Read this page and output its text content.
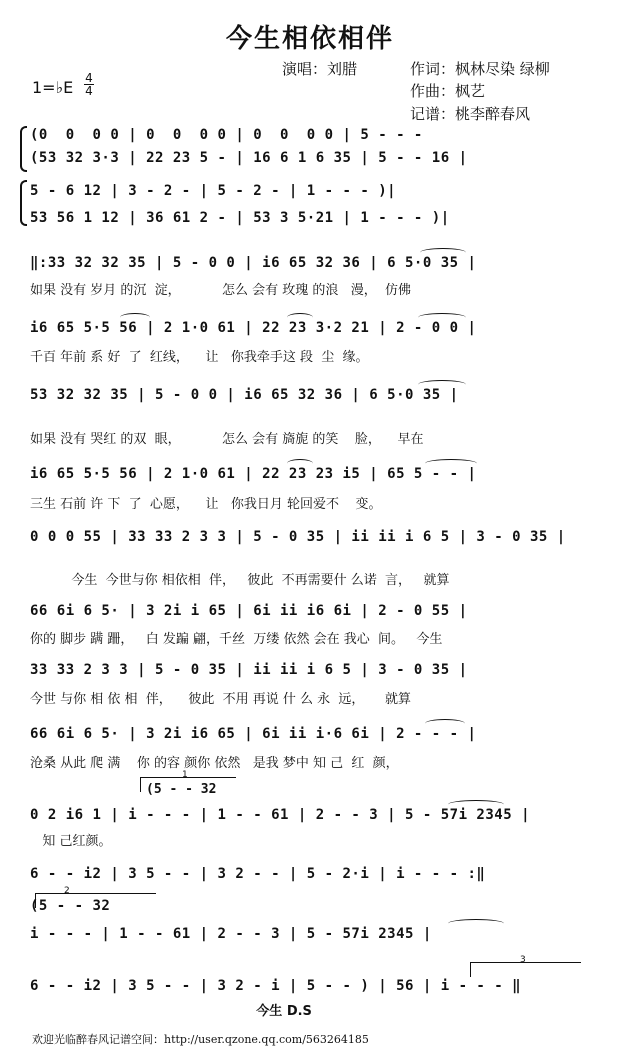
今生相依相伴
演唱：刘腊	作词：枫林尽染 绿柳
作曲：枫艺
记谱：桃李醉春风
1=♭E 4
4
(0  0  0 0 | 0  0  0 0 | 0  0  0 0 | 5 - - -
(53 32 3·3 | 22 23 5 - | 16 6 1 6 35 | 5 - - 16 |
5 - 6 12 | 3 - 2 - | 5 - 2 - | 1 - - - )|
53 56 1 12 | 36 61 2 - | 53 3 5·21 | 1 - - - )|
‖:33 32 32 35 | 5 - 0 0 | i6 65 32 36 | 6 5·0 35 |
如果 没有 岁月 的沉  淀，          怎么 会有 玫瑰 的浪   漫，  仿佛
i6 65 5·5 56 | 2 1·0 61 | 22 23 3·2 21 | 2 - 0 0 |
千百 年前 系 好  了  红线，    让   你我牵手这 段  尘  缘。
53 32 32 35 | 5 - 0 0 | i6 65 32 36 | 6 5·0 35 |
如果 没有 哭红 的双  眼，          怎么 会有 旖旎 的笑    脸，    早在
i6 65 5·5 56 | 2 1·0 61 | 22 23 23 i5 | 65 5 - - |
三生 石前 许 下  了  心愿，    让   你我日月 轮回爱不    变。
0 0 0 55 | 33 33 2 3 3 | 5 - 0 35 | ii ii i 6 5 | 3 - 0 35 |
今生  今世与你 相依相  伴，   彼此  不再需要什 么诺  言，   就算
66 6i 6 5· | 3 2i i 65 | 6i ii i6 6i | 2 - 0 55 |
你的 脚步 蹒 跚，   白 发蹁 翩，千丝  万缕 依然 会在 我心  间。   今生
33 33 2 3 3 | 5 - 0 35 | ii ii i 6 5 | 3 - 0 35 |
今世 与你 相 依 相  伴，    彼此  不用 再说 什 么 永  远，     就算
66 6i 6 5· | 3 2i i6 65 | 6i ii i·6 6i | 2 - - - |
沧桑 从此 爬 满    你 的容 颜你 依然   是我 梦中 知 己  红  颜，
1
(5 - - 32
0 2 i6 1 | i - - - | 1 - - 61 | 2 - - 3 | 5 - 57i 2345 |
知 己红颜。
6 - - i2 | 3 5 - - | 3 2 - - | 5 - 2·i | i - - - :‖
2
(5 - - 32
i - - - | 1 - - 61 | 2 - - 3 | 5 - 57i 2345 |
3
6 - - i2 | 3 5 - - | 3 2 - i | 5 - - ) | 56 | i - - - ‖
今生 D.S
欢迎光临醉春风记谱空间：http://user.qzone.qq.com/563264185
